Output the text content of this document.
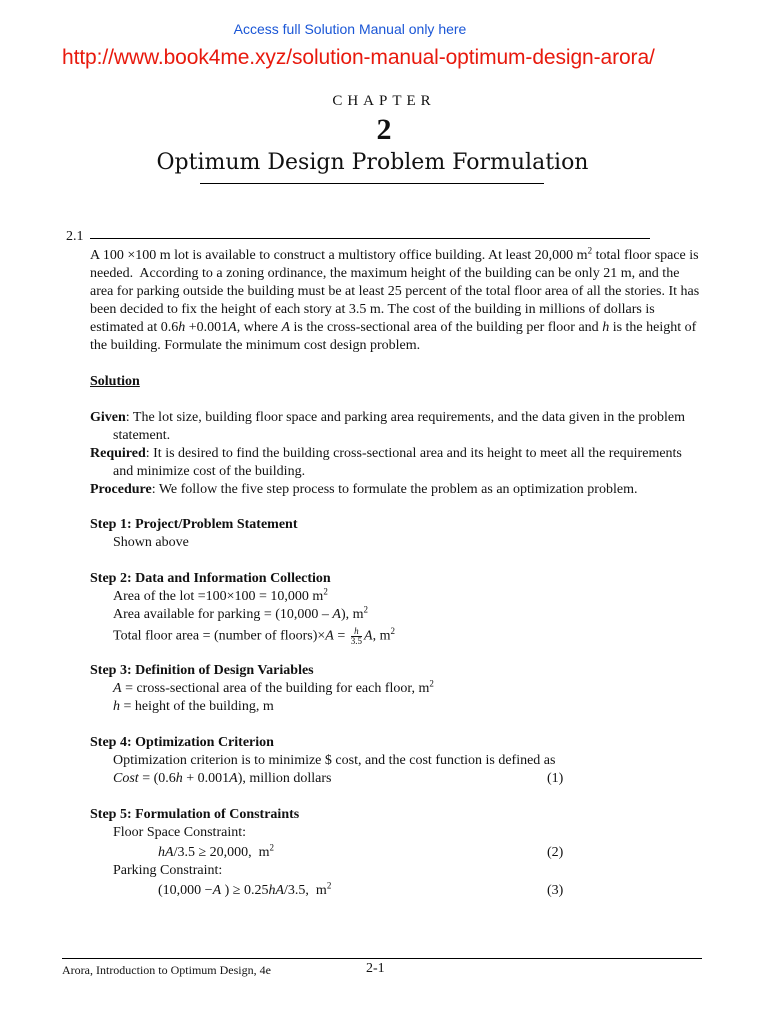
Access full Solution Manual only here
http://www.book4me.xyz/solution-manual-optimum-design-arora/
CHAPTER
2
Optimum Design Problem Formulation
2.1

A 100 ×100 m lot is available to construct a multistory office building. At least 20,000 $m^2$ total floor space is needed.  According to a zoning ordinance, the maximum height of the building can be only 21 m, and the area for parking outside the building must be at least 25 percent of the total floor area of all the stories. It has been decided to fix the height of each story at 3.5 m. The cost of the building in millions of dollars is estimated at 0.6h +0.001A, where A is the cross-sectional area of the building per floor and h is the height of the building. Formulate the minimum cost design problem.

Solution

Given: The lot size, building floor space and parking area requirements, and the data given in the problem statement.

Required: It is desired to find the building cross-sectional area and its height to meet all the requirements and minimize cost of the building.

Procedure: We follow the five step process to formulate the problem as an optimization problem.

Step 1: Project/Problem Statement

Shown above

Step 2: Data and Information Collection

Area of the lot =100×100 = 10,000 $m^2$

Area available for parking = (10,000 – A), $m^2$

Total floor area = (number of floors)×A = $\frac{h}{3.5} A$, $m^2$

Step 3: Definition of Design Variables

A = cross-sectional area of the building for each floor, $m^2$

h = height of the building, m

Step 4: Optimization Criterion

Optimization criterion is to minimize $ cost, and the cost function is defined as

Cost = (0.6h + 0.001A), million dollars	(1)

Step 5: Formulation of Constraints

Floor Space Constraint:

hA/3.5 ≥ 20,000,  $m^2$	(2)

Parking Constraint:

(10,000 −A ) ≥ 0.25hA/3.5,  $m^2$	(3)

Arora, Introduction to Optimum Design, 4e	2-1
